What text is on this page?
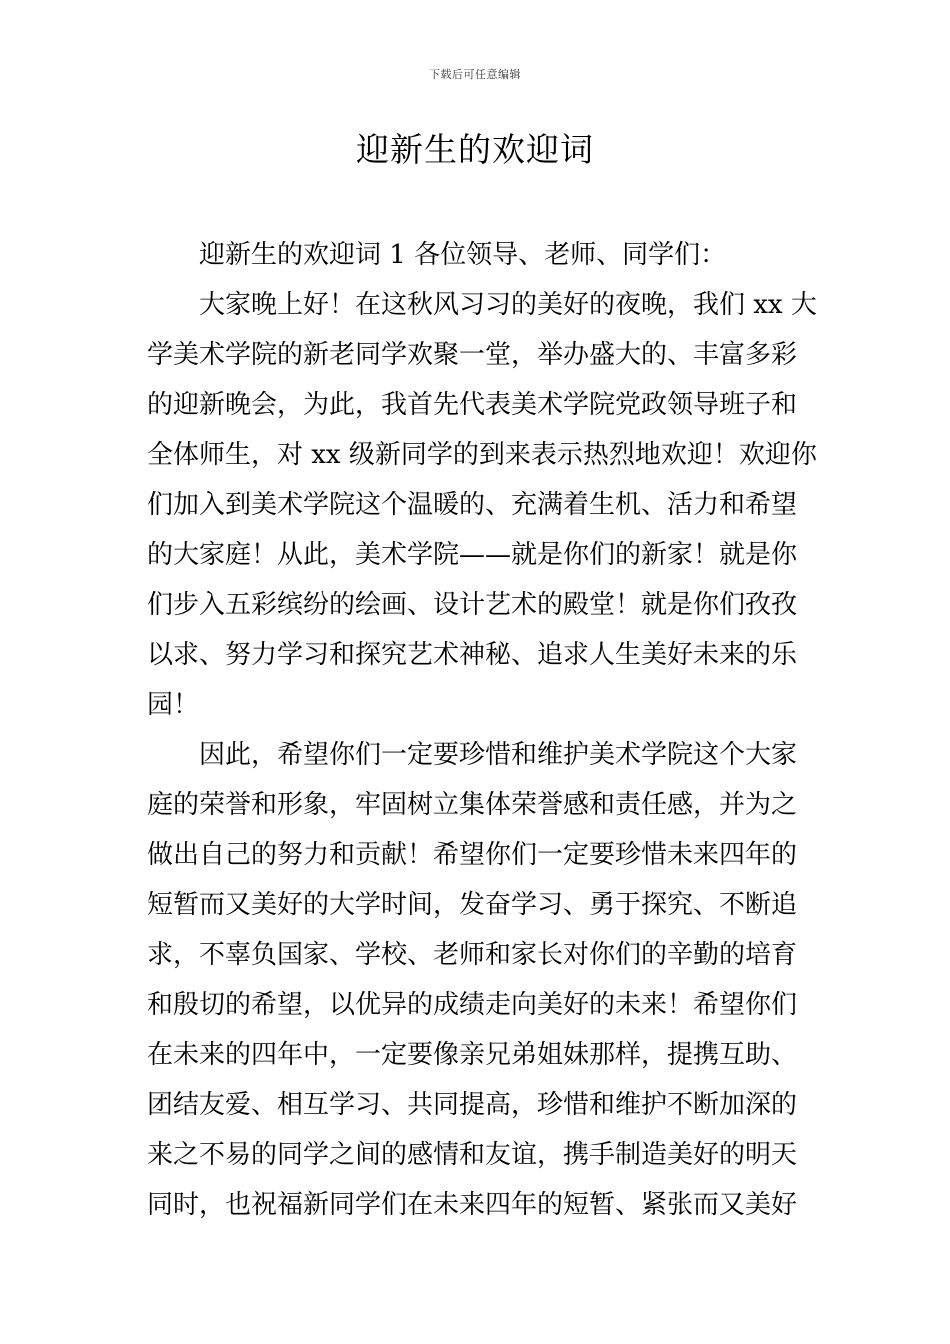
下载后可任意编辑
迎新生的欢迎词
迎新生的欢迎词 1 各位领导、老师、同学们：
大家晚上好！在这秋风习习的美好的夜晚，我们 xx 大
学美术学院的新老同学欢聚一堂，举办盛大的、丰富多彩
的迎新晚会，为此，我首先代表美术学院党政领导班子和
全体师生，对 xx 级新同学的到来表示热烈地欢迎！欢迎你
们加入到美术学院这个温暖的、充满着生机、活力和希望
的大家庭！从此，美术学院——就是你们的新家！就是你
们步入五彩缤纷的绘画、设计艺术的殿堂！就是你们孜孜
以求、努力学习和探究艺术神秘、追求人生美好未来的乐
园！
因此，希望你们一定要珍惜和维护美术学院这个大家
庭的荣誉和形象，牢固树立集体荣誉感和责任感，并为之
做出自己的努力和贡献！希望你们一定要珍惜未来四年的
短暂而又美好的大学时间，发奋学习、勇于探究、不断追
求，不辜负国家、学校、老师和家长对你们的辛勤的培育
和殷切的希望，以优异的成绩走向美好的未来！希望你们
在未来的四年中，一定要像亲兄弟姐妹那样，提携互助、
团结友爱、相互学习、共同提高，珍惜和维护不断加深的
来之不易的同学之间的感情和友谊，携手制造美好的明天
同时，也祝福新同学们在未来四年的短暂、紧张而又美好
